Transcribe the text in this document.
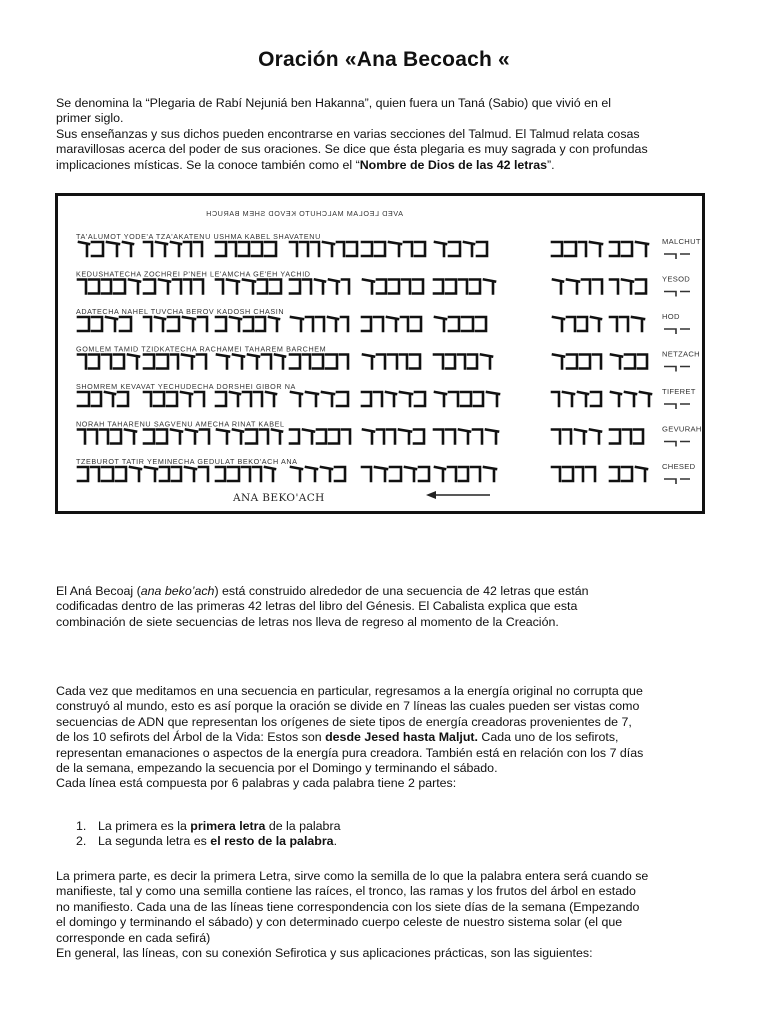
Oración «Ana Becoach «

Se denomina la “Plegaria de Rabí Nejuniá ben Hakanna”, quien fuera un Taná (Sabio) que vivió en el
primer siglo.
Sus enseñanzas y sus dichos pueden encontrarse en varias secciones del Talmud. El Talmud relata cosas
maravillosas acerca del poder de sus oraciones. Se dice que ésta plegaria es muy sagrada y con profundas
implicaciones místicas. Se la conoce también como el “Nombre de Dios de las 42 letras”.

AVED LEOLAM MALCHUTO KEVOD SHEM BARUCH
TA'ALUMOT YODE'A TZA'AKATENU USHMA KABEL SHAVATENU
KEDUSHATECHA ZOCHREI P'NEH LE'AMCHA GE'EH YACHID
ADATECHA NAHEL TUVCHA BEROV KADOSH CHASIN
GOMLEM TAMID TZIDKATECHA RACHAMEI TAHAREM BARCHEM
SHOMREM KEVAVAT YECHUDECHA DORSHEI GIBOR NA
NORAH TAHARENU SAGVENU AMECHA RINAT KABEL
TZEBUROT TATIR YEMINECHA GEDULAT BEKO'ACH ANA
MALCHUT
YESOD
HOD
NETZACH
TIFERET
GEVURAH
CHESED
ANA BEKO'ACH

El Aná Becoaj (ana beko’ach) está construido alrededor de una secuencia de 42 letras que están
codificadas dentro de las primeras 42 letras del libro del Génesis. El Cabalista explica que esta
combinación de siete secuencias de letras nos lleva de regreso al momento de la Creación.

Cada vez que meditamos en una secuencia en particular, regresamos a la energía original no corrupta que
construyó al mundo, esto es así porque la oración se divide en 7 líneas las cuales pueden ser vistas como
secuencias de ADN que representan los orígenes de siete tipos de energía creadoras provenientes de 7,
de los 10 sefirots del Árbol de la Vida: Estos son desde Jesed hasta Maljut. Cada uno de los sefirots,
representan emanaciones o aspectos de la energía pura creadora. También está en relación con los 7 días
de la semana, empezando la secuencia por el Domingo y terminando el sábado.
Cada línea está compuesta por 6 palabras y cada palabra tiene 2 partes:

1. La primera es la primera letra de la palabra
2. La segunda letra es el resto de la palabra.

La primera parte, es decir la primera Letra, sirve como la semilla de lo que la palabra entera será cuando se
manifieste, tal y como una semilla contiene las raíces, el tronco, las ramas y los frutos del árbol en estado
no manifiesto. Cada una de las líneas tiene correspondencia con los siete días de la semana (Empezando
el domingo y terminando el sábado) y con determinado cuerpo celeste de nuestro sistema solar (el que
corresponde en cada sefirá)
En general, las líneas, con su conexión Sefirotica y sus aplicaciones prácticas, son las siguientes:
